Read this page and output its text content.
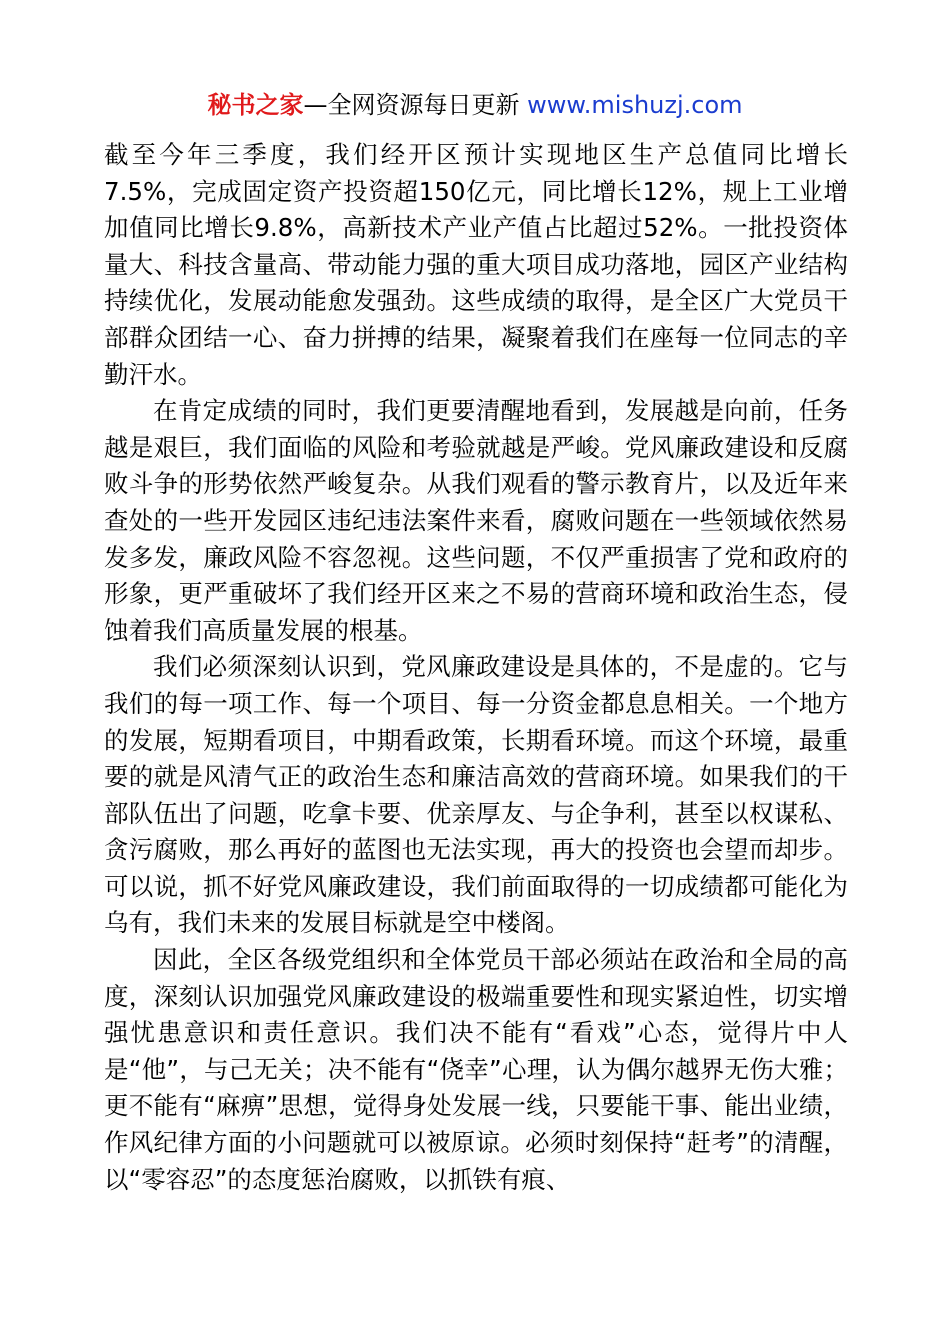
秘书之家—全网资源每日更新 www.mishuzj.com

截至今年三季度，我们经开区预计实现地区生产总值同比增长7.5%，完成固定资产投资超150亿元，同比增长12%，规上工业增加值同比增长9.8%，高新技术产业产值占比超过52%。一批投资体量大、科技含量高、带动能力强的重大项目成功落地，园区产业结构持续优化，发展动能愈发强劲。这些成绩的取得，是全区广大党员干部群众团结一心、奋力拼搏的结果，凝聚着我们在座每一位同志的辛勤汗水。

在肯定成绩的同时，我们更要清醒地看到，发展越是向前，任务越是艰巨，我们面临的风险和考验就越是严峻。党风廉政建设和反腐败斗争的形势依然严峻复杂。从我们观看的警示教育片，以及近年来查处的一些开发园区违纪违法案件来看，腐败问题在一些领域依然易发多发，廉政风险不容忽视。这些问题，不仅严重损害了党和政府的形象，更严重破坏了我们经开区来之不易的营商环境和政治生态，侵蚀着我们高质量发展的根基。

我们必须深刻认识到，党风廉政建设是具体的，不是虚的。它与我们的每一项工作、每一个项目、每一分资金都息息相关。一个地方的发展，短期看项目，中期看政策，长期看环境。而这个环境，最重要的就是风清气正的政治生态和廉洁高效的营商环境。如果我们的干部队伍出了问题，吃拿卡要、优亲厚友、与企争利，甚至以权谋私、贪污腐败，那么再好的蓝图也无法实现，再大的投资也会望而却步。可以说，抓不好党风廉政建设，我们前面取得的一切成绩都可能化为乌有，我们未来的发展目标就是空中楼阁。

因此，全区各级党组织和全体党员干部必须站在政治和全局的高度，深刻认识加强党风廉政建设的极端重要性和现实紧迫性，切实增强忧患意识和责任意识。我们决不能有“看戏”心态，觉得片中人是“他”，与己无关；决不能有“侥幸”心理，认为偶尔越界无伤大雅；更不能有“麻痹”思想，觉得身处发展一线，只要能干事、能出业绩，作风纪律方面的小问题就可以被原谅。必须时刻保持“赶考”的清醒，以“零容忍”的态度惩治腐败，以抓铁有痕、
